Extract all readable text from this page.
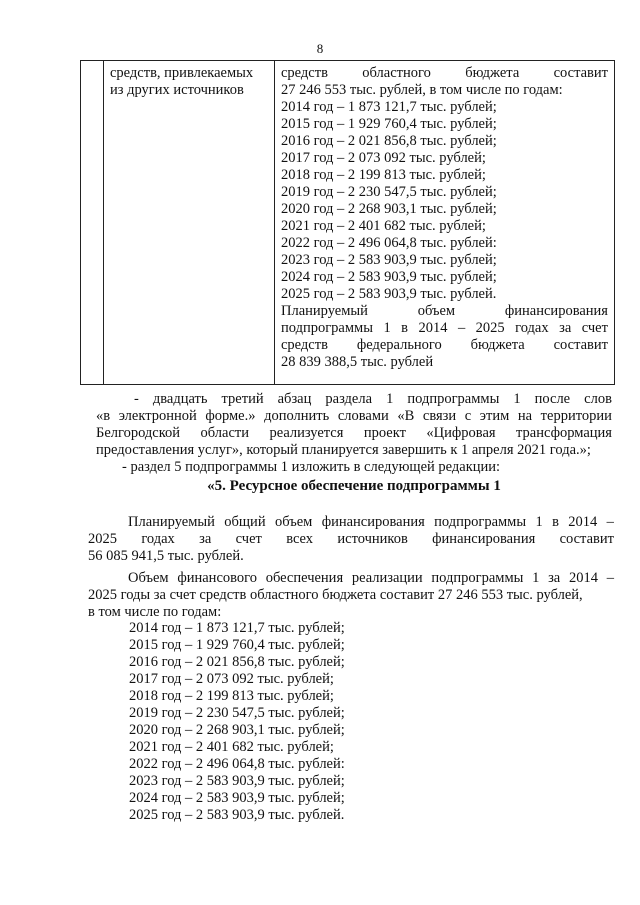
8

средств, привлекаемых
из других источников

средств областного бюджета составит
27 246 553 тыс. рублей, в том числе по годам:
2014 год – 1 873 121,7 тыс. рублей;
2015 год – 1 929 760,4 тыс. рублей;
2016 год – 2 021 856,8 тыс. рублей;
2017 год – 2 073 092 тыс. рублей;
2018 год – 2 199 813 тыс. рублей;
2019 год – 2 230 547,5 тыс. рублей;
2020 год – 2 268 903,1 тыс. рублей;
2021 год – 2 401 682 тыс. рублей;
2022 год – 2 496 064,8 тыс. рублей:
2023 год – 2 583 903,9 тыс. рублей;
2024 год – 2 583 903,9 тыс. рублей;
2025 год – 2 583 903,9 тыс. рублей.
Планируемый	объем	финансирования
подпрограммы 1 в 2014 – 2025 годах за счет
средств федерального бюджета составит
28 839 388,5 тыс. рублей
- двадцать третий абзац раздела 1 подпрограммы 1 после слов
«в электронной форме.» дополнить словами «В связи с этим на территории
Белгородской области реализуется проект «Цифровая трансформация
предоставления услуг», который планируется завершить к 1 апреля 2021 года.»;
- раздел 5 подпрограммы 1 изложить в следующей редакции:
«5. Ресурсное обеспечение подпрограммы 1
Планируемый общий объем финансирования подпрограммы 1 в 2014 –
2025 годах за счет всех источников финансирования составит
56 085 941,5 тыс. рублей.
Объем финансового обеспечения реализации подпрограммы 1 за 2014 –
2025 годы за счет средств областного бюджета составит 27 246 553 тыс. рублей,
в том числе по годам:
2014 год – 1 873 121,7 тыс. рублей;
2015 год – 1 929 760,4 тыс. рублей;
2016 год – 2 021 856,8 тыс. рублей;
2017 год – 2 073 092 тыс. рублей;
2018 год – 2 199 813 тыс. рублей;
2019 год – 2 230 547,5 тыс. рублей;
2020 год – 2 268 903,1 тыс. рублей;
2021 год – 2 401 682 тыс. рублей;
2022 год – 2 496 064,8 тыс. рублей:
2023 год – 2 583 903,9 тыс. рублей;
2024 год – 2 583 903,9 тыс. рублей;
2025 год – 2 583 903,9 тыс. рублей.
